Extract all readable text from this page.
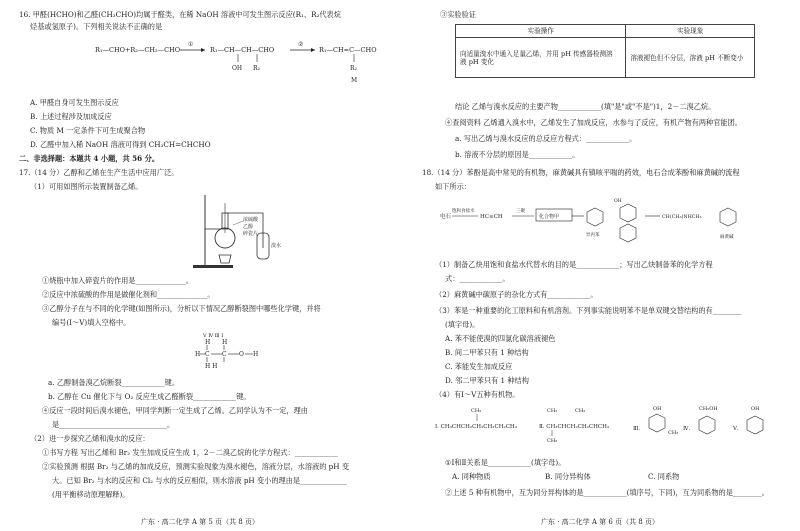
16. 甲醛(HCHO)和乙醛(CH₃CHO)均属于醛类，在稀 NaOH 溶液中可发生图示反应(R₁、R₂代表烷
烃基或氢原子)。下列相关说法不正确的是
R₁—CHO+R₂—CH₂—CHO
①
R₁—CH—CH—CHO
OH R₂
②
R₁—CH=C—CHO
R₂
M
A. 甲醛自身可发生图示反应
B. 上述过程涉及加成反应
C. 物质 M 一定条件下可生成聚合物
D. 乙醛中加入稀 NaOH 溶液可得到 CH₃CH=CHCHO
二、非选择题：本题共 4 小题，共 56 分。
17.（14 分）乙醇和乙烯在生产生活中应用广泛。
（1）可用如图所示装置制备乙烯。
浓硫酸
乙醇
碎瓷片
溴水
①烧瓶中加入碎瓷片的作用是______________。
②反应中浓硫酸的作用是做催化剂和______________。
③乙醇分子在与不同的化学键(如图所示)，分析以下情况乙醇断裂图中哪些化学键，并将
编号(Ⅰ～Ⅴ)填入空格中。
Ⅴ Ⅳ Ⅲ Ⅰ
H H
H C C O H
H H
a. 乙醇制备溴乙烷断裂____________键。
b. 乙醇在 Cu 催化下与 O₂ 反应生成乙醛断裂____________键。
④反应一段时间后溴水褪色，甲同学判断一定生成了乙烯。乙同学认为不一定，理由
是______________________________。
（2）进一步探究乙烯和溴水的反应：
①书写方程 写出乙烯和 Br₂ 发生加成反应生成 1，2－二溴乙烷的化学方程式：____________
②实验预测 根据 Br₂ 与乙烯的加成反应，预测实验现象为溴水褪色，溶液分层，水溶液的 pH 变
大。已知 Br₂ 与水的反应和 Cl₂ 与水的反应相似，则水溶液 pH 变小的理由是_____________
(用平衡移动原理解释)。
广东 · 高二化学 A 第 5 页（共 8 页）
③实验验证
实验操作	实验现象
向适量溴水中通入足量乙烯，并用 pH 传感器检测溶
液 pH 变化	溶液褪色但不分层，溶液 pH 不断变小
结论 乙烯与溴水反应的主要产物____________(填"是"或"不是")1，2－二溴乙烷。
④查阅资料 乙烯通入溴水中，乙烯发生了加成反应，水参与了反应，有机产物有两种官能团。
a. 写出乙烯与溴水反应的总反应方程式：____________。
b. 溶液不分层的原因是____________。
18.（14 分）苯酚是高中常见的有机物，麻黄碱具有镇咳平喘的药效，电石合成苯酚和麻黄碱的流程
如下所示：
电石
饱和食盐水
HC≡CH
三聚
化合物甲
异丙苯
OH
CH(CH₃)NHCH₃
麻黄碱
（1）制备乙炔用饱和食盐水代替水的目的是____________；写出乙炔制备苯的化学方程
式：____________。
（2）麻黄碱中碳原子的杂化方式有____________。
（3）苯是一种重要的化工原料和有机溶剂。下列事实能说明苯不是单双键交替结构的有________
(填字母)。
A. 苯不能使溴的四氯化碳溶液褪色
B. 间二甲苯只有 1 种结构
C. 苯能发生加成反应
D. 邻二甲苯只有 1 种结构
（4）有Ⅰ～Ⅴ五种有机物。
CH₃
Ⅰ. CH₃CHCH₂CH₂CH₂CH₂CH₃
CH₃	CH₃
Ⅱ. CH₃CHCH₂CH₂CHCH₃
CH₃
Ⅲ.
OH
CH₃
Ⅳ.
CH₂OH
Ⅴ.
OH
①Ⅰ和Ⅱ关系是____________(填字母)。
A. 同种物质	B. 同分异构体	C. 同系物
②上述 5 种有机物中，互为同分异构体的是____________(填序号，下同)，互为同系物的是________。
广东 · 高二化学 A 第 6 页（共 8 页）
